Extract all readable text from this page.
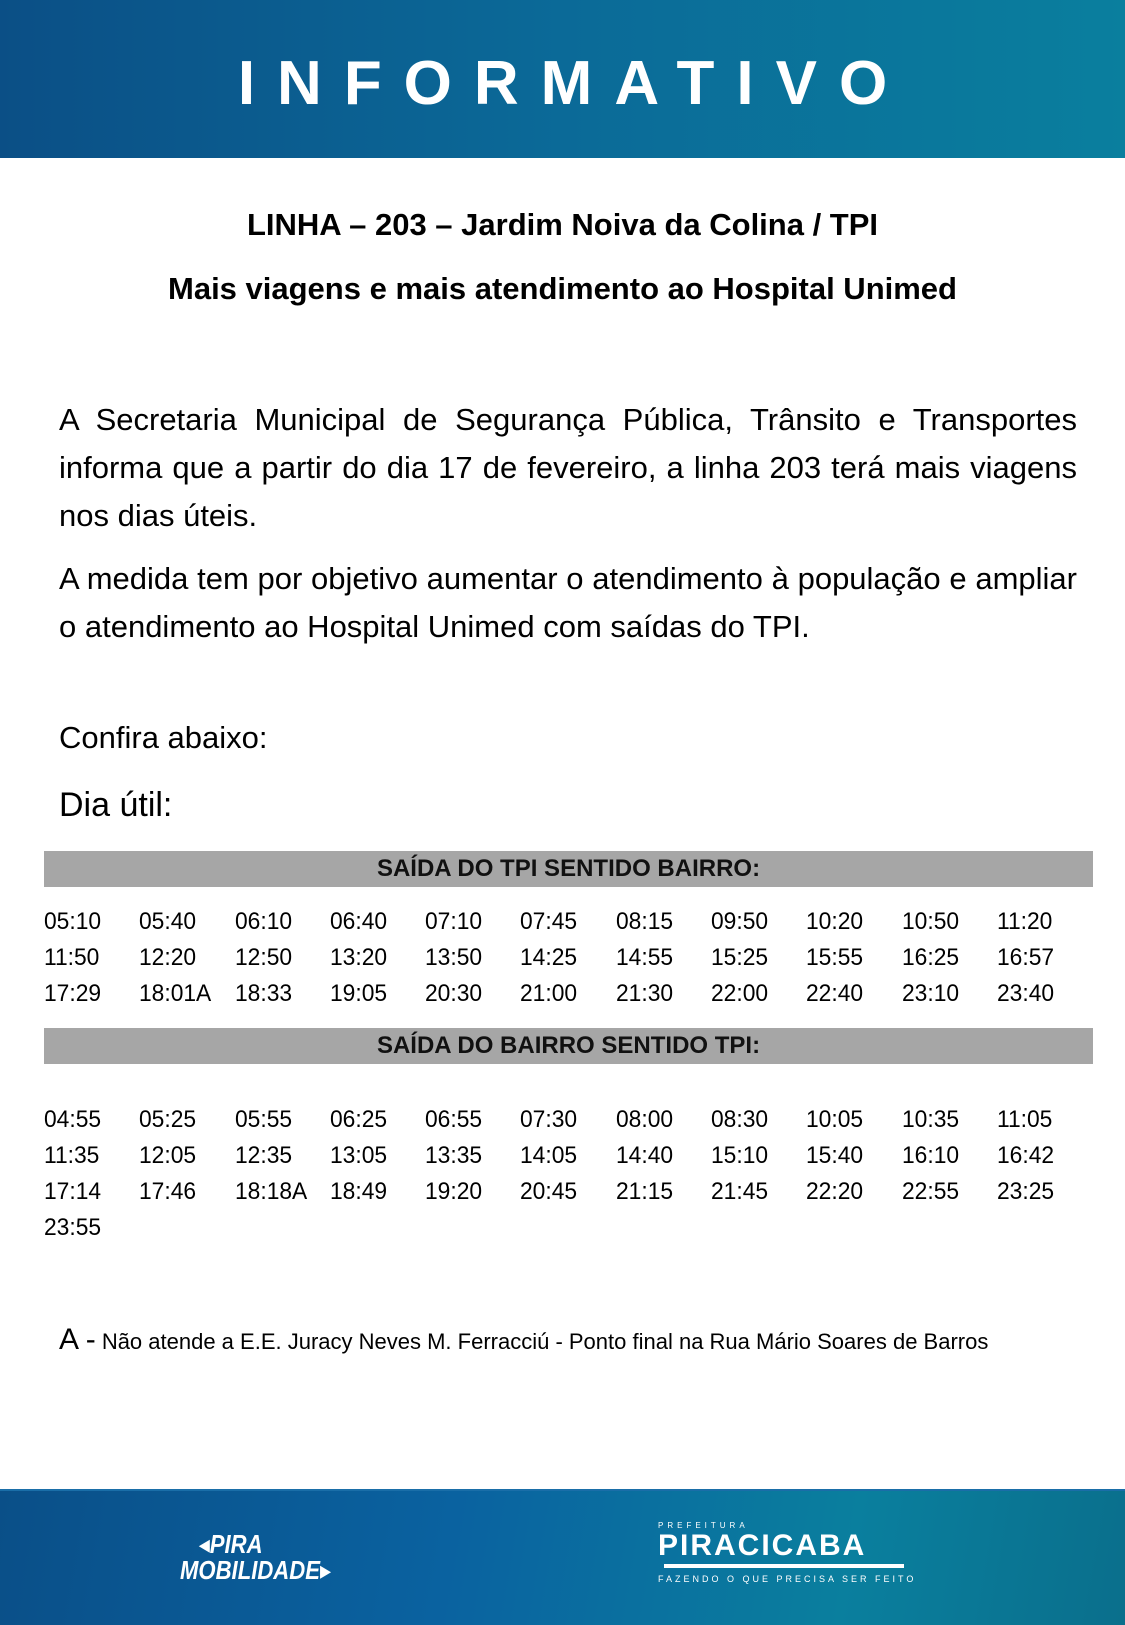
INFORMATIVO
LINHA – 203 – Jardim Noiva da Colina / TPI
Mais viagens e mais atendimento ao Hospital Unimed

A Secretaria Municipal de Segurança Pública, Trânsito e Transportes informa que a partir do dia 17 de fevereiro, a linha 203 terá mais viagens nos dias úteis.

A medida tem por objetivo aumentar o atendimento à população e ampliar o atendimento ao Hospital Unimed com saídas do TPI.

Confira abaixo:
Dia útil:
SAÍDA DO TPI SENTIDO BAIRRO:
05:10	05:40	06:10	06:40	07:10	07:45	08:15	09:50	10:20	10:50	11:20
11:50	12:20	12:50	13:20	13:50	14:25	14:55	15:25	15:55	16:25	16:57
17:29	18:01A 18:33	19:05	20:30	21:00	21:30	22:00	22:40	23:10	23:40
SAÍDA DO BAIRRO SENTIDO TPI:
04:55	05:25	05:55	06:25	06:55	07:30	08:00	08:30	10:05	10:35	11:05
11:35	12:05	12:35	13:05	13:35	14:05	14:40	15:10	15:40	16:10	16:42
17:14	17:46	18:18A 18:49	19:20	20:45	21:15	21:45	22:20	22:55	23:25
23:55
A - Não atende a E.E. Juracy Neves M. Ferracciú - Ponto final na Rua Mário Soares de Barros
◂PIRA
MOBILIDADE▸
PREFEITURA
PIRACICABA
FAZENDO O QUE PRECISA SER FEITO
